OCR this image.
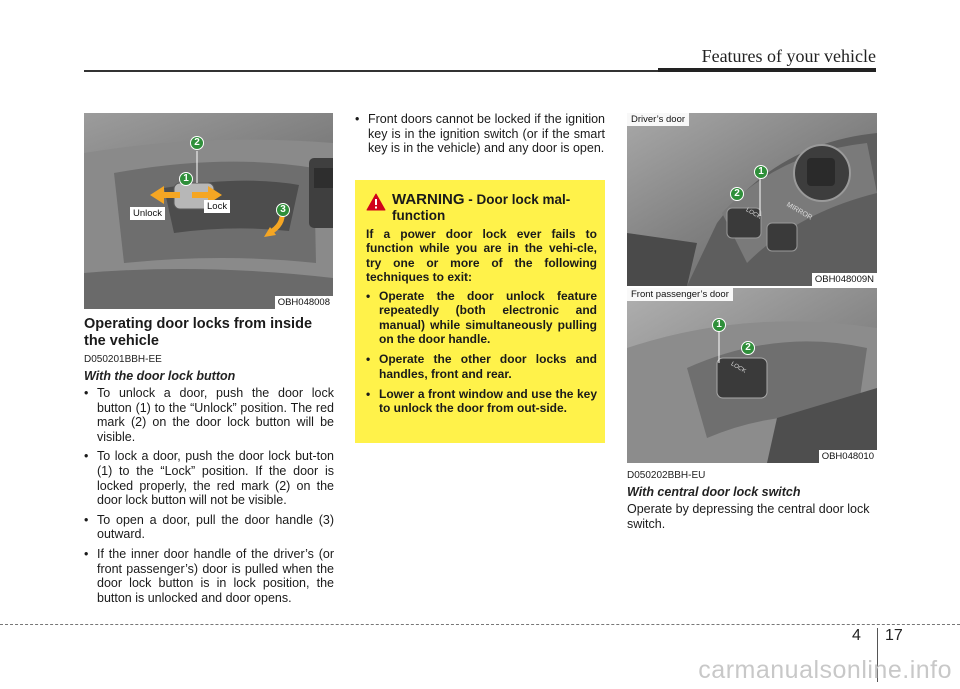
Features of your vehicle
2
1
3
Unlock
Lock
OBH048008
Operating door locks from inside the vehicle
D050201BBH-EE
With the door lock button
• To unlock a door, push the door lock button (1) to the “Unlock” position. The red mark (2) on the door lock button will be visible.
• To lock a door, push the door lock but-ton (1) to the “Lock” position. If the door is locked properly, the red mark (2) on the door lock button will not be visible.
• To open a door, pull the door handle (3) outward.
• If the inner door handle of the driver’s (or front passenger’s) door is pulled when the door lock button is in lock position, the button is unlocked and door opens.
• Front doors cannot be locked if the ignition key is in the ignition switch (or if the smart key is in the vehicle) and any door is open.
WARNING - Door lock mal-function
If a power door lock ever fails to function while you are in the vehi-cle, try one or more of the following techniques to exit:
• Operate the door unlock feature repeatedly (both electronic and manual) while simultaneously pulling on the door handle.
• Operate the other door locks and handles, front and rear.
• Lower a front window and use the key to unlock the door from out-side.
Driver’s door
1
2
LOCK	MIRROR
OBH048009N
Front passenger’s door
1
2
LOCK
OBH048010
D050202BBH-EU
With central door lock switch
Operate by depressing the central door lock switch.
4 17
carmanualsonline.info
